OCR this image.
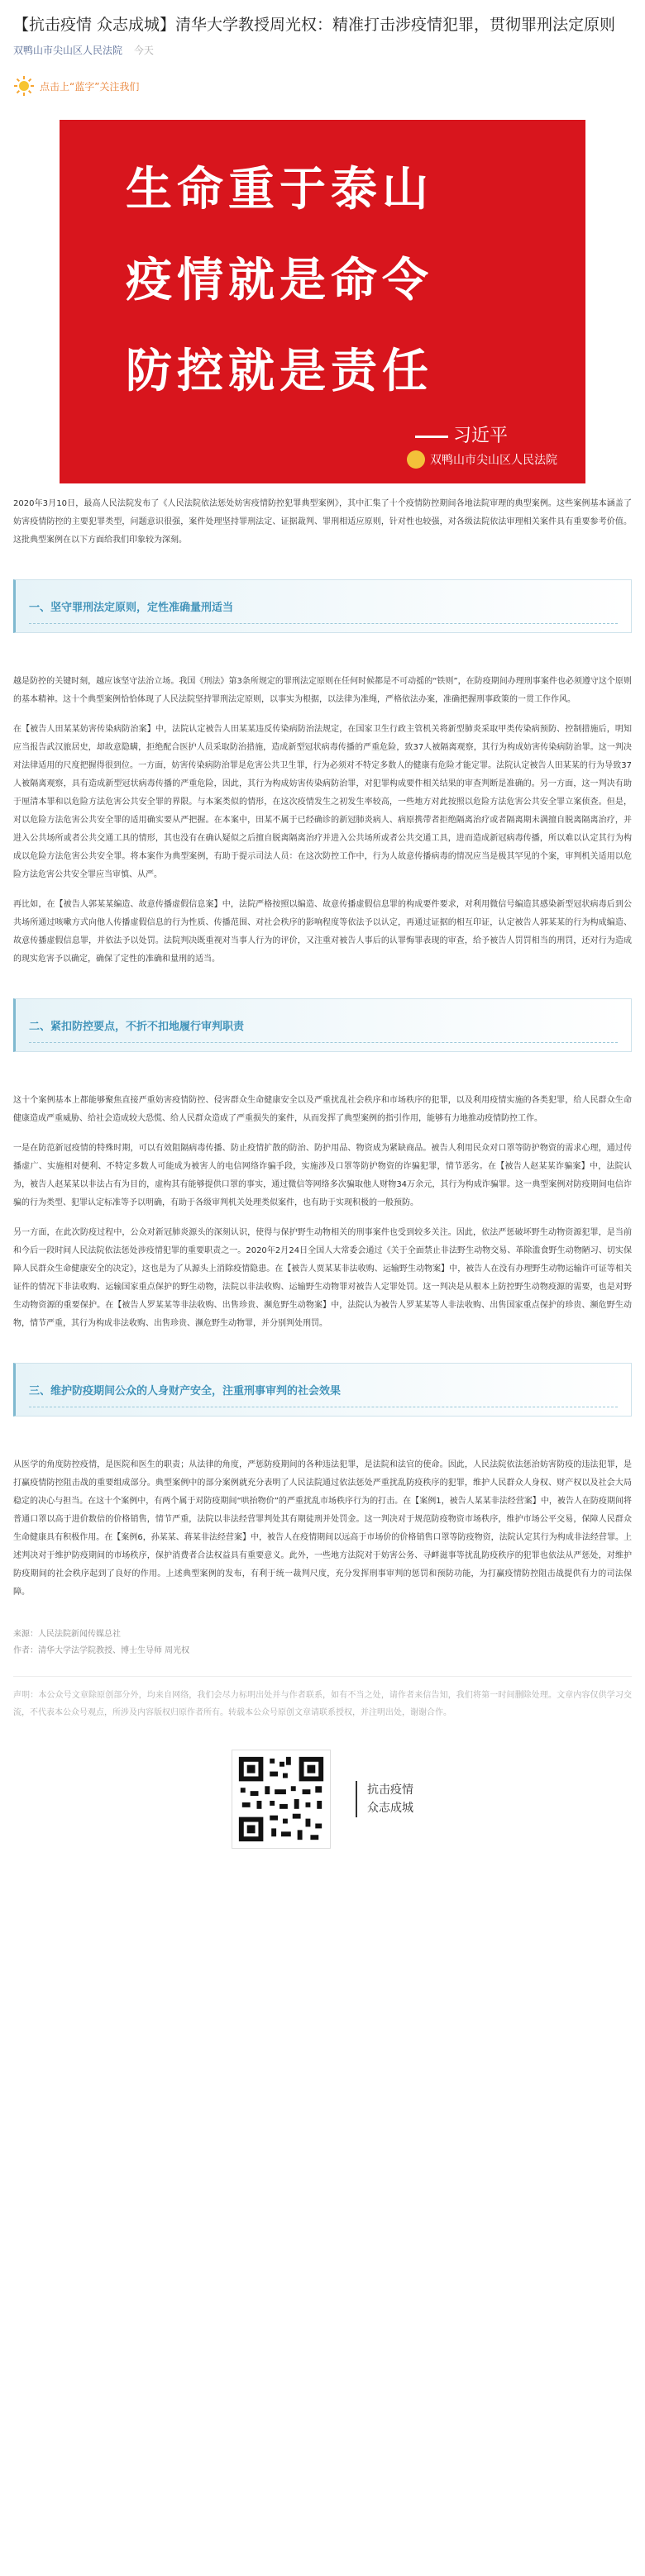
【抗击疫情 众志成城】清华大学教授周光权：精准打击涉疫情犯罪，贯彻罪刑法定原则
双鸭山市尖山区人民法院 今天
点击上“蓝字”关注我们
生命重于泰山
疫情就是命令
防控就是责任
习近平
双鸭山市尖山区人民法院

2020年3月10日，最高人民法院发布了《人民法院依法惩处妨害疫情防控犯罪典型案例》，其中汇集了十个疫情防控期间各地法院审理的典型案例。这些案例基本涵盖了妨害疫情防控的主要犯罪类型，问题意识很强，案件处理坚持罪刑法定、证据裁判、罪刑相适应原则，针对性也较强，对各级法院依法审理相关案件具有重要参考价值。这批典型案例在以下方面给我们印象较为深刻。

一、坚守罪刑法定原则，定性准确量刑适当

越是防控的关键时刻，越应该坚守法治立场。我国《刑法》第3条所规定的罪刑法定原则在任何时候都是不可动摇的“铁则”，在防疫期间办理刑事案件也必须遵守这个原则的基本精神。这十个典型案例恰恰体现了人民法院坚持罪刑法定原则，以事实为根据，以法律为准绳，严格依法办案，准确把握刑事政策的一贯工作作风。

在【被告人田某某妨害传染病防治案】中，法院认定被告人田某某违反传染病防治法规定，在国家卫生行政主管机关将新型肺炎采取甲类传染病预防、控制措施后，明知应当报告武汉旅居史，却故意隐瞒，拒绝配合医护人员采取防治措施，造成新型冠状病毒传播的严重危险，致37人被隔离观察，其行为构成妨害传染病防治罪。这一判决对法律适用的尺度把握得很到位。一方面，妨害传染病防治罪是危害公共卫生罪，行为必须对不特定多数人的健康有危险才能定罪。法院认定被告人田某某的行为导致37人被隔离观察，具有造成新型冠状病毒传播的严重危险，因此，其行为构成妨害传染病防治罪，对犯罪构成要件相关结果的审查判断是准确的。另一方面，这一判决有助于厘清本罪和以危险方法危害公共安全罪的界限。与本案类似的情形，在这次疫情发生之初发生率较高，一些地方对此按照以危险方法危害公共安全罪立案侦查。但是，对以危险方法危害公共安全罪的适用确实要从严把握。在本案中，田某不属于已经确诊的新冠肺炎病人、病原携带者拒绝隔离治疗或者隔离期未满擅自脱离隔离治疗，并进入公共场所或者公共交通工具的情形，其也没有在确认疑似之后擅自脱离隔离治疗并进入公共场所或者公共交通工具，进而造成新冠病毒传播，所以难以认定其行为构成以危险方法危害公共安全罪。将本案作为典型案例，有助于提示司法人员：在这次防控工作中，行为人故意传播病毒的情况应当是极其罕见的个案，审判机关适用以危险方法危害公共安全罪应当审慎、从严。

再比如，在【被告人郭某某编造、故意传播虚假信息案】中，法院严格按照以编造、故意传播虚假信息罪的构成要件要求，对利用微信号编造其感染新型冠状病毒后到公共场所通过咳嗽方式向他人传播虚假信息的行为性质、传播范围、对社会秩序的影响程度等依法予以认定，再通过证据的相互印证，认定被告人郭某某的行为构成编造、故意传播虚假信息罪，并依法予以处罚。法院判决既重视对当事人行为的评价，又注重对被告人事后的认罪悔罪表现的审查，给予被告人罚罚相当的刑罚，还对行为造成的现实危害予以确定，确保了定性的准确和量刑的适当。

二、紧扣防控要点，不折不扣地履行审判职责

这十个案例基本上都能够聚焦直接严重妨害疫情防控、侵害群众生命健康安全以及严重扰乱社会秩序和市场秩序的犯罪，以及利用疫情实施的各类犯罪，给人民群众生命健康造成严重威胁、给社会造成较大恐慌、给人民群众造成了严重损失的案件，从而发挥了典型案例的指引作用，能够有力地推动疫情防控工作。

一是在防范新冠疫情的特殊时期，可以有效阻隔病毒传播、防止疫情扩散的防治、防护用品、物资成为紧缺商品。被告人利用民众对口罩等防护物资的需求心理，通过传播虚广、实施相对便利、不特定多数人可能成为被害人的电信网络诈骗手段，实施涉及口罩等防护物资的诈骗犯罪，情节恶劣。在【被告人赵某某诈骗案】中，法院认为，被告人赵某某以非法占有为目的，虚构其有能够提供口罩的事实，通过微信等网络多次骗取他人财物34万余元，其行为构成诈骗罪。这一典型案例对防疫期间电信诈骗的行为类型、犯罪认定标准等予以明确，有助于各级审判机关处理类似案件，也有助于实现积极的一般预防。

另一方面，在此次防疫过程中，公众对新冠肺炎源头的深刻认识，使得与保护野生动物相关的刑事案件也受到较多关注。因此，依法严惩破坏野生动物资源犯罪，是当前和今后一段时间人民法院依法惩处涉疫情犯罪的重要职责之一。2020年2月24日全国人大常委会通过《关于全面禁止非法野生动物交易、革除滥食野生动物陋习、切实保障人民群众生命健康安全的决定》，这也是为了从源头上消除疫情隐患。在【被告人贾某某非法收购、运输野生动物案】中，被告人在没有办理野生动物运输许可证等相关证件的情况下非法收购、运输国家重点保护的野生动物，法院以非法收购、运输野生动物罪对被告人定罪处罚。这一判决是从根本上防控野生动物疫源的需要，也是对野生动物资源的重要保护。在【被告人罗某某等非法收购、出售珍贵、濒危野生动物案】中，法院认为被告人罗某某等人非法收购、出售国家重点保护的珍贵、濒危野生动物，情节严重，其行为构成非法收购、出售珍贵、濒危野生动物罪，并分别判处刑罚。

三、维护防疫期间公众的人身财产安全，注重刑事审判的社会效果

从医学的角度防控疫情，是医院和医生的职责；从法律的角度，严惩防疫期间的各种违法犯罪，是法院和法官的使命。因此，人民法院依法惩治妨害防疫的违法犯罪，是打赢疫情防控阻击战的重要组成部分。典型案例中的部分案例就充分表明了人民法院通过依法惩处严重扰乱防疫秩序的犯罪，维护人民群众人身权、财产权以及社会大局稳定的决心与担当。在这十个案例中，有两个属于对防疫期间“哄抬物价”的严重扰乱市场秩序行为的打击。在【案例1，被告人某某非法经营案】中，被告人在防疫期间将普通口罩以高于进价数倍的价格销售，情节严重，法院以非法经营罪判处其有期徒刑并处罚金。这一判决对于规范防疫物资市场秩序，维护市场公平交易，保障人民群众生命健康具有积极作用。在【案例6，孙某某、蒋某非法经营案】中，被告人在疫情期间以远高于市场价的价格销售口罩等防疫物资，法院认定其行为构成非法经营罪。上述判决对于维护防疫期间的市场秩序，保护消费者合法权益具有重要意义。此外，一些地方法院对于妨害公务、寻衅滋事等扰乱防疫秩序的犯罪也依法从严惩处，对维护防疫期间的社会秩序起到了良好的作用。上述典型案例的发布，有利于统一裁判尺度，充分发挥刑事审判的惩罚和预防功能，为打赢疫情防控阻击战提供有力的司法保障。

来源：人民法院新闻传媒总社
作者：清华大学法学院教授、博士生导师 周光权
声明：本公众号文章除原创部分外，均来自网络，我们会尽力标明出处并与作者联系，如有不当之处，请作者来信告知，我们将第一时间删除处理。文章内容仅供学习交流，不代表本公众号观点，所涉及内容版权归原作者所有。转载本公众号原创文章请联系授权，并注明出处，谢谢合作。
抗击疫情
众志成城
